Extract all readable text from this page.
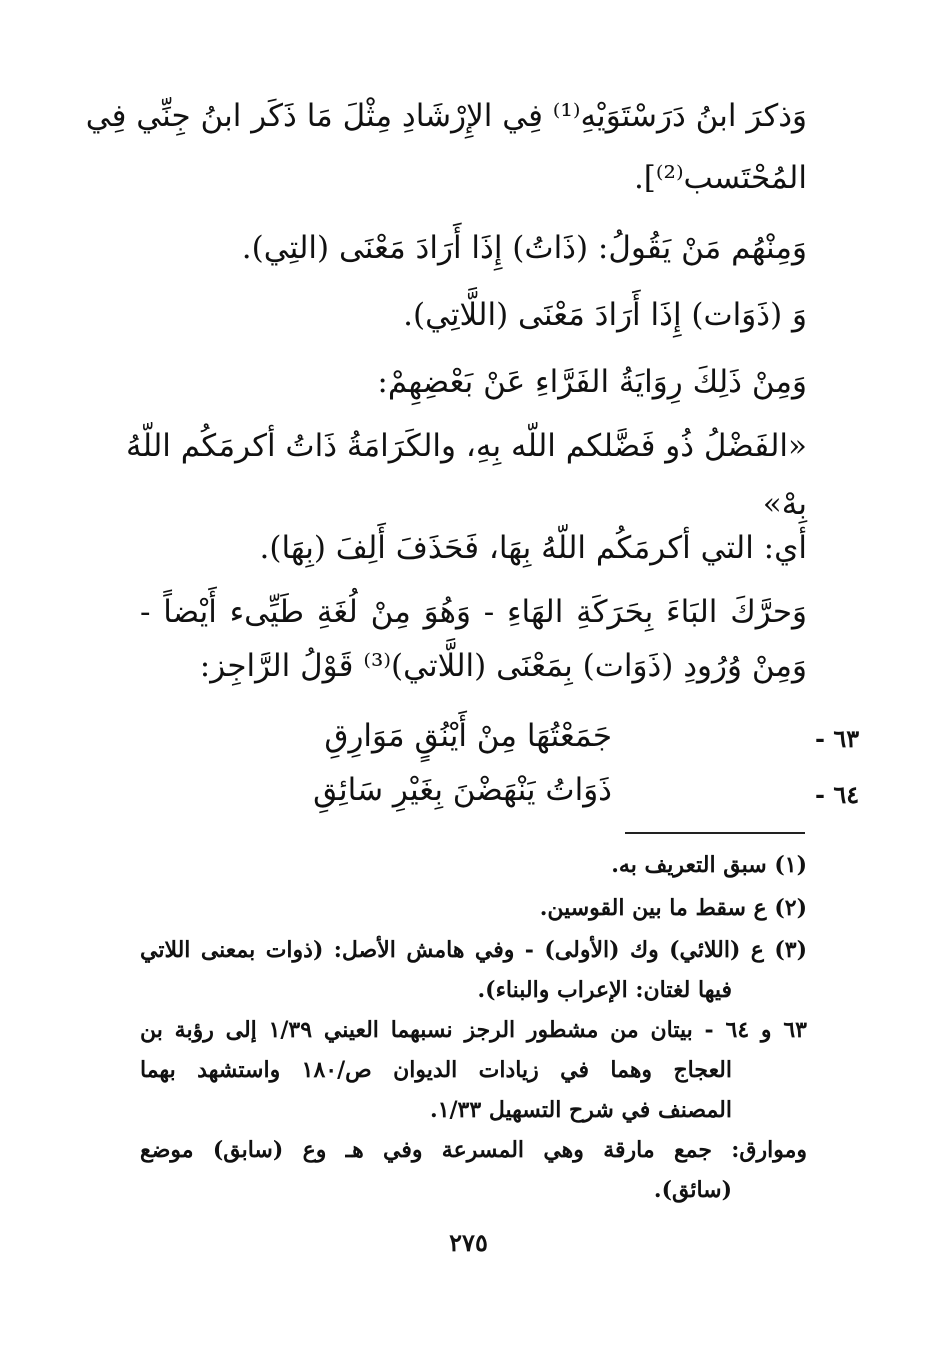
وَذكرَ ابنُ دَرَسْتَوَيْهِ⁽¹⁾ فِي الإِرْشَادِ مِثْلَ مَا ذَكَر ابنُ جِنِّي فِي
المُحْتَسب⁽²⁾].
وَمِنْهُم مَنْ يَقُولُ: (ذَاتُ) إِذَا أَرَادَ مَعْنَى (التِي).
وَ (ذَوَات) إِذَا أَرَادَ مَعْنَى (اللَّاتِي).
وَمِنْ ذَلِكَ رِوَايَةُ الفَرَّاءِ عَنْ بَعْضِهِمْ:
«الفَضْلُ ذُو فَضَّلكم اللّه بِهِ، والكَرَامَةُ ذَاتُ أكرمَكُم اللّهُ
بِهْ»
أي: التي أكرمَكُم اللّهُ بِهَا، فَحَذَفَ أَلِفَ (بِهَا).
وَحرَّكَ البَاءَ بِحَرَكَةِ الهَاءِ - وَهُوَ مِنْ لُغَةِ طَيِّىء أَيْضاً -
وَمِنْ وُرُودِ (ذَوَات) بِمَعْنَى (اللَّاتي)⁽³⁾ قَوْلُ الرَّاجِز:
جَمَعْتُهَا مِنْ أَيْنُقٍ مَوَارِقِ	٦٣ -
ذَوَاتُ يَنْهَضْنَ بِغَيْرِ سَائِقِ	٦٤ -
(١) سبق التعريف به.
(٢) ع سقط ما بين القوسين.
(٣) ع (اللائي) وك (الأولى) - وفي هامش الأصل: (ذوات بمعنى اللاتي
فيها لغتان: الإعراب والبناء).
٦٣ و ٦٤ - بيتان من مشطور الرجز نسبهما العيني ١/٣٩ إلى رؤبة بن
العجاج وهما في زيادات الديوان ص/١٨٠ واستشهد بهما
المصنف في شرح التسهيل ١/٣٣.
وموارق: جمع مارقة وهي المسرعة وفي هـ وع (سابق) موضع
(سائق).
٢٧٥
